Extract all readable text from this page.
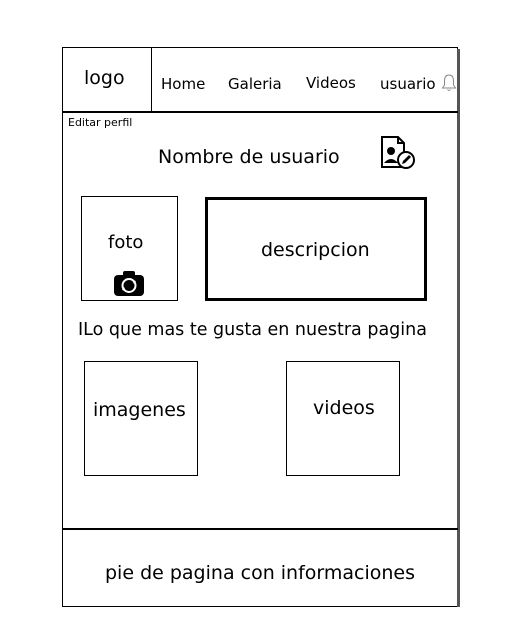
logo Home Galeria Videos usuario
Editar perfil
Nombre de usuario
foto	descripcion
ILo que mas te gusta en nuestra pagina
imagenes	videos
pie de pagina con informaciones
